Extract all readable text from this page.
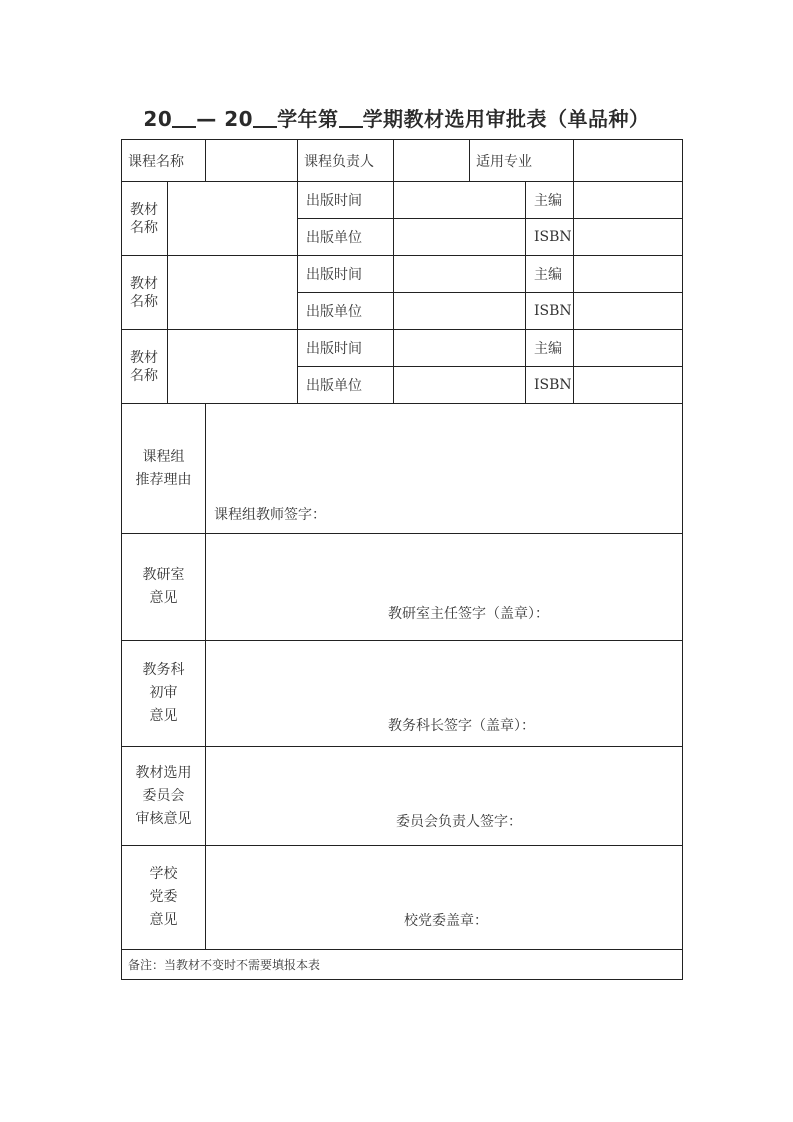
20 — 20 学年第 学期教材选用审批表（单品种）
课程名称			课程负责人		适用专业		

教材
名称			出版时间			主编	
			出版单位			ISBN	

教材
名称			出版时间			主编	
			出版单位			ISBN	

教材
名称			出版时间			主编	
			出版单位			ISBN	

课程组
推荐理由		课程组教师签字：					

教研室
意见		教研室主任签字（盖章）：					

教务科
初审
意见		教务科长签字（盖章）：					

教材选用
委员会
审核意见		委员会负责人签字：					

学校
党委
意见		校党委盖章：					

备注：当教材不变时不需要填报本表							
